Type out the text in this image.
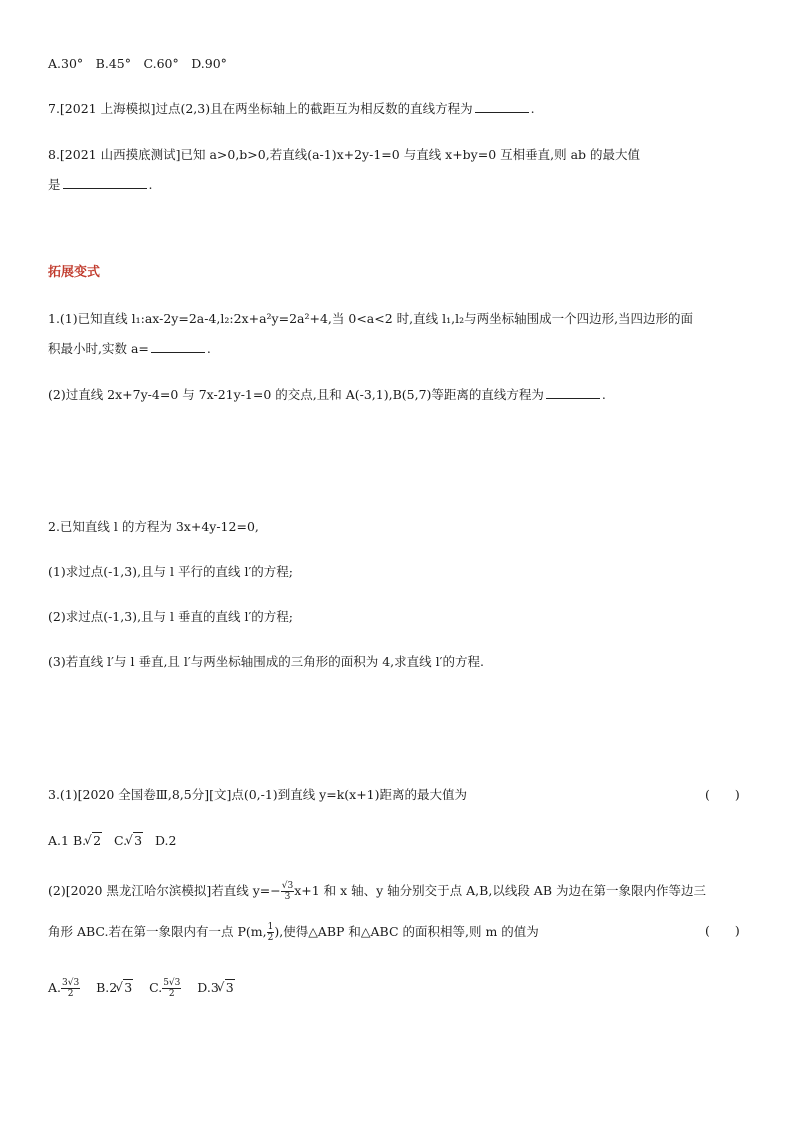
A.30°　B.45°　C.60°　D.90°
7.[2021 上海模拟]过点(2,3)且在两坐标轴上的截距互为相反数的直线方程为	.
8.[2021 山西摸底测试]已知 a>0,b>0,若直线(a-1)x+2y-1=0 与直线 x+by=0 互相垂直,则 ab 的最大值
是	.
拓展变式
1.(1)已知直线 l₁:ax-2y=2a-4,l₂:2x+a²y=2a²+4,当 0<a<2 时,直线 l₁,l₂与两坐标轴围成一个四边形,当四边形的面
积最小时,实数 a=	.
(2)过直线 2x+7y-4=0 与 7x-21y-1=0 的交点,且和 A(-3,1),B(5,7)等距离的直线方程为	.
2.已知直线 l 的方程为 3x+4y-12=0,
(1)求过点(-1,3),且与 l 平行的直线 l′的方程;
(2)求过点(-1,3),且与 l 垂直的直线 l′的方程;
(3)若直线 l′与 l 垂直,且 l′与两坐标轴围成的三角形的面积为 4,求直线 l′的方程.
3.(1)[2020 全国卷Ⅲ,8,5分][文]点(0,-1)到直线 y=k(x+1)距离的最大值为	(　　)
A.1 B.√ 2 C.√ 3 D.2
(2)[2020 黑龙江哈尔滨模拟]若直线 $y=- \frac{√3}{3} x+1$ 和 x 轴、y 轴分别交于点 A,B,以线段 AB 为边在第一象限内作等边三
角形 ABC.若在第一象限内有一点 P(m, $\frac{1}{2}$ ),使得△ABP 和△ABC 的面积相等,则 m 的值为	(　　)
A. $\frac{3√3}{2} B.2√$ 3 C. $\frac{5√3}{2} D.3√$ 3
